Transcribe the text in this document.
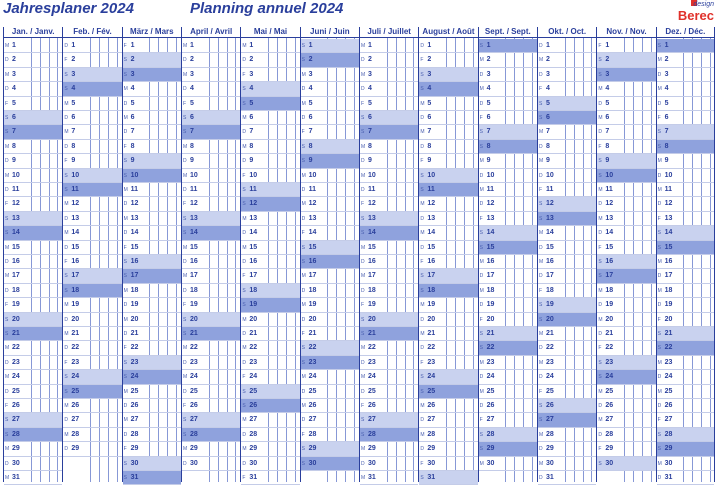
Jahresplaner 2024	Planning annuel 2024	design
Berec
Jan. / Janv.
M 1
D 2
M 3
D 4
F 5
S 6
S 7
M 8
D 9
M 10
D 11
F 12
S 13
S 14
M 15
D 16
M 17
D 18
F 19
S 20
S 21
M 22
D 23
M 24
D 25
F 26
S 27
S 28
M 29
D 30
M 31
Feb. / Fév.
D 1
F 2
S 3
S 4
M 5
D 6
M 7
D 8
F 9
S 10
S 11
M 12
D 13
M 14
D 15
F 16
S 17
S 18
M 19
D 20
M 21
D 22
F 23
S 24
S 25
M 26
D 27
M 28
D 29
März / Mars
F 1
S 2
S 3
M 4
D 5
M 6
D 7
F 8
S 9
S 10
M 11
D 12
M 13
D 14
F 15
S 16
S 17
M 18
D 19
M 20
D 21
F 22
S 23
S 24
M 25
D 26
M 27
D 28
F 29
S 30
S 31
April / Avril
M 1
D 2
M 3
D 4
F 5
S 6
S 7
M 8
D 9
M 10
D 11
F 12
S 13
S 14
M 15
D 16
M 17
D 18
F 19
S 20
S 21
M 22
D 23
M 24
D 25
F 26
S 27
S 28
M 29
D 30
Mai / Mai
M 1
D 2
F 3
S 4
S 5
M 6
D 7
M 8
D 9
F 10
S 11
S 12
M 13
D 14
M 15
D 16
F 17
S 18
S 19
M 20
D 21
M 22
D 23
F 24
S 25
S 26
M 27
D 28
M 29
D 30
F 31
Juni / Juin
S 1
S 2
M 3
D 4
M 5
D 6
F 7
S 8
S 9
M 10
D 11
M 12
D 13
F 14
S 15
S 16
M 17
D 18
M 19
D 20
F 21
S 22
S 23
M 24
D 25
M 26
D 27
F 28
S 29
S 30
Juli / Juillet
M 1
D 2
M 3
D 4
F 5
S 6
S 7
M 8
D 9
M 10
D 11
F 12
S 13
S 14
M 15
D 16
M 17
D 18
F 19
S 20
S 21
M 22
D 23
M 24
D 25
F 26
S 27
S 28
M 29
D 30
M 31
August / Août
D 1
F 2
S 3
S 4
M 5
D 6
M 7
D 8
F 9
S 10
S 11
M 12
D 13
M 14
D 15
F 16
S 17
S 18
M 19
D 20
M 21
D 22
F 23
S 24
S 25
M 26
D 27
M 28
D 29
F 30
S 31
Sept. / Sept.
S 1
M 2
D 3
M 4
D 5
F 6
S 7
S 8
M 9
D 10
M 11
D 12
F 13
S 14
S 15
M 16
D 17
M 18
D 19
F 20
S 21
S 22
M 23
D 24
M 25
D 26
F 27
S 28
S 29
M 30
Okt. / Oct.
D 1
M 2
D 3
F 4
S 5
S 6
M 7
D 8
M 9
D 10
F 11
S 12
S 13
M 14
D 15
M 16
D 17
F 18
S 19
S 20
M 21
D 22
M 23
D 24
F 25
S 26
S 27
M 28
D 29
M 30
D 31
Nov. / Nov.
F 1
S 2
S 3
M 4
D 5
M 6
D 7
F 8
S 9
S 10
M 11
D 12
M 13
D 14
F 15
S 16
S 17
M 18
D 19
M 20
D 21
F 22
S 23
S 24
M 25
D 26
M 27
D 28
F 29
S 30
Dez. / Déc.
S 1
M 2
D 3
M 4
D 5
F 6
S 7
S 8
M 9
D 10
M 11
D 12
F 13
S 14
S 15
M 16
D 17
M 18
D 19
F 20
S 21
S 22
M 23
D 24
M 25
D 26
F 27
S 28
S 29
M 30
D 31
